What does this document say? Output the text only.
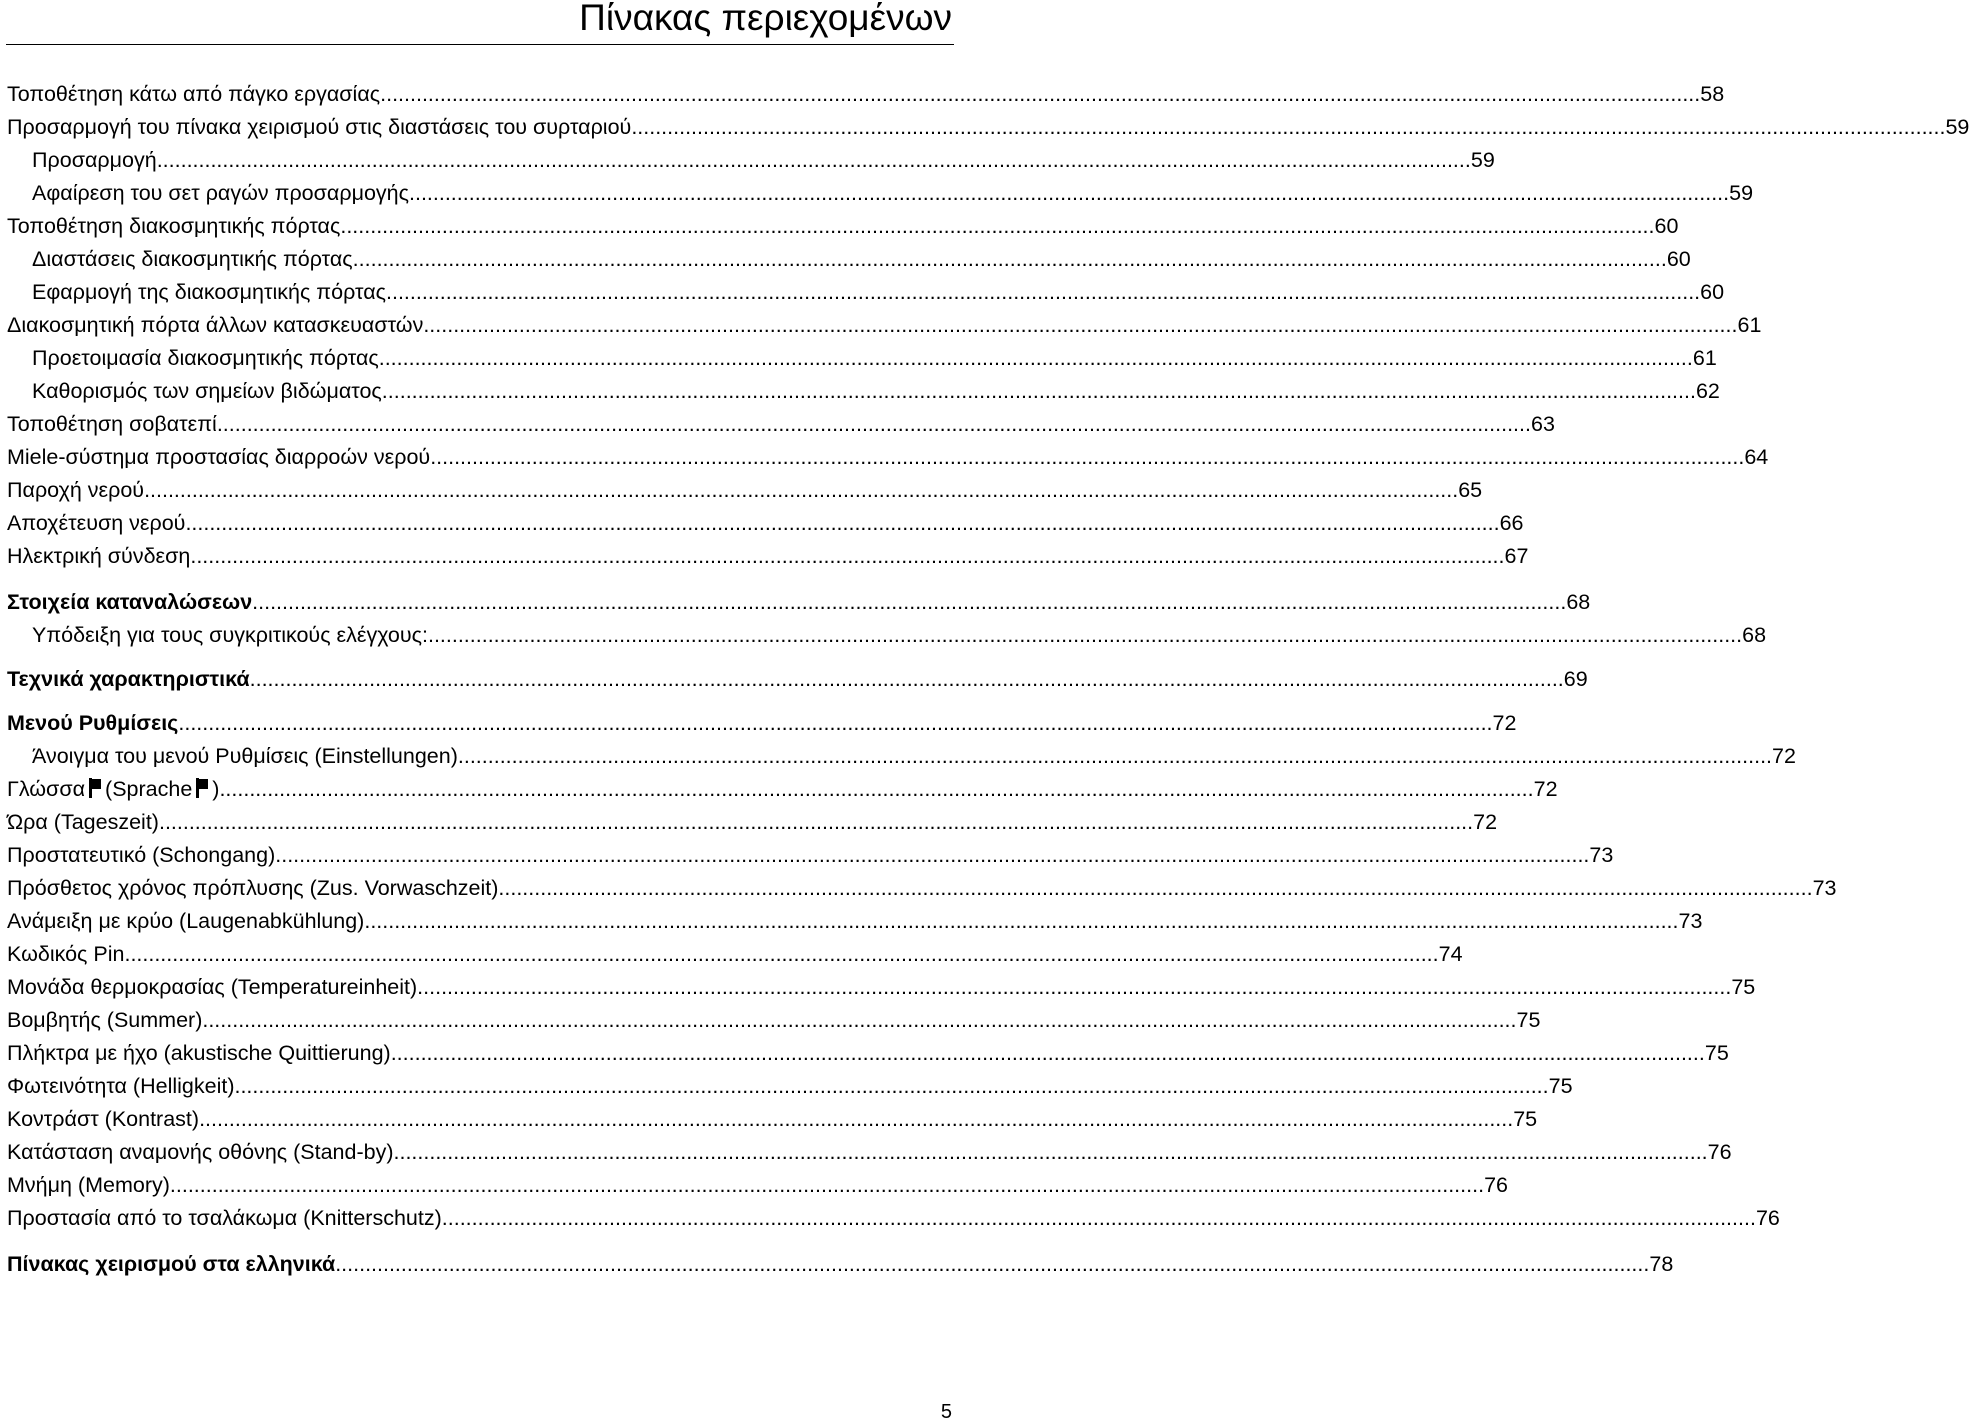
Πίνακας περιεχομένων
Τοποθέτηση κάτω από πάγκο εργασίας. ............................................................................................................................................................................................................................ 58
Προσαρμογή του πίνακα χειρισμού στις διαστάσεις του συρταριού ............................................................................................................................................................................................................................ 59
Προσαρμογή ............................................................................................................................................................................................................................ 59
Αφαίρεση του σετ ραγών προσαρμογής. ............................................................................................................................................................................................................................ 59
Τοποθέτηση διακοσμητικής πόρτας ............................................................................................................................................................................................................................ 60
Διαστάσεις διακοσμητικής πόρτας ............................................................................................................................................................................................................................ 60
Εφαρμογή της διακοσμητικής πόρτας ............................................................................................................................................................................................................................ 60
Διακοσμητική πόρτα άλλων κατασκευαστών ............................................................................................................................................................................................................................ 61
Προετοιμασία διακοσμητικής πόρτας ............................................................................................................................................................................................................................ 61
Καθορισμός των σημείων βιδώματος ............................................................................................................................................................................................................................ 62
Τοποθέτηση σοβατεπί ............................................................................................................................................................................................................................ 63
Miele-σύστημα προστασίας διαρροών νερού ............................................................................................................................................................................................................................ 64
Παροχή νερού ............................................................................................................................................................................................................................ 65
Αποχέτευση νερού ............................................................................................................................................................................................................................ 66
Ηλεκτρική σύνδεση ............................................................................................................................................................................................................................ 67
Στοιχεία καταναλώσεων ............................................................................................................................................................................................................................ 68
Υπόδειξη για τους συγκριτικούς ελέγχους: ............................................................................................................................................................................................................................ 68
Τεχνικά χαρακτηριστικά ............................................................................................................................................................................................................................ 69
Μενού Ρυθμίσεις ............................................................................................................................................................................................................................ 72
Άνοιγμα του μενού Ρυθμίσεις (Einstellungen) ............................................................................................................................................................................................................................ 72
Γλώσσα (Sprache ) ............................................................................................................................................................................................................................ 72
Ώρα (Tageszeit) ............................................................................................................................................................................................................................ 72
Προστατευτικό (Schongang) ............................................................................................................................................................................................................................ 73
Πρόσθετος χρόνος πρόπλυσης (Zus. Vorwaschzeit) ............................................................................................................................................................................................................................ 73
Ανάμειξη με κρύο (Laugenabkühlung) ............................................................................................................................................................................................................................ 73
Κωδικός Pin ............................................................................................................................................................................................................................ 74
Μονάδα θερμοκρασίας (Temperatureinheit) ............................................................................................................................................................................................................................ 75
Βομβητής (Summer) ............................................................................................................................................................................................................................ 75
Πλήκτρα με ήχο (akustische Quittierung) ............................................................................................................................................................................................................................ 75
Φωτεινότητα (Helligkeit) ............................................................................................................................................................................................................................ 75
Κοντράστ (Kontrast) ............................................................................................................................................................................................................................ 75
Κατάσταση αναμονής οθόνης (Stand-by) ............................................................................................................................................................................................................................ 76
Μνήμη (Memory) ............................................................................................................................................................................................................................ 76
Προστασία από το τσαλάκωμα (Knitterschutz) ............................................................................................................................................................................................................................ 76
Πίνακας χειρισμού στα ελληνικά ............................................................................................................................................................................................................................ 78
5
